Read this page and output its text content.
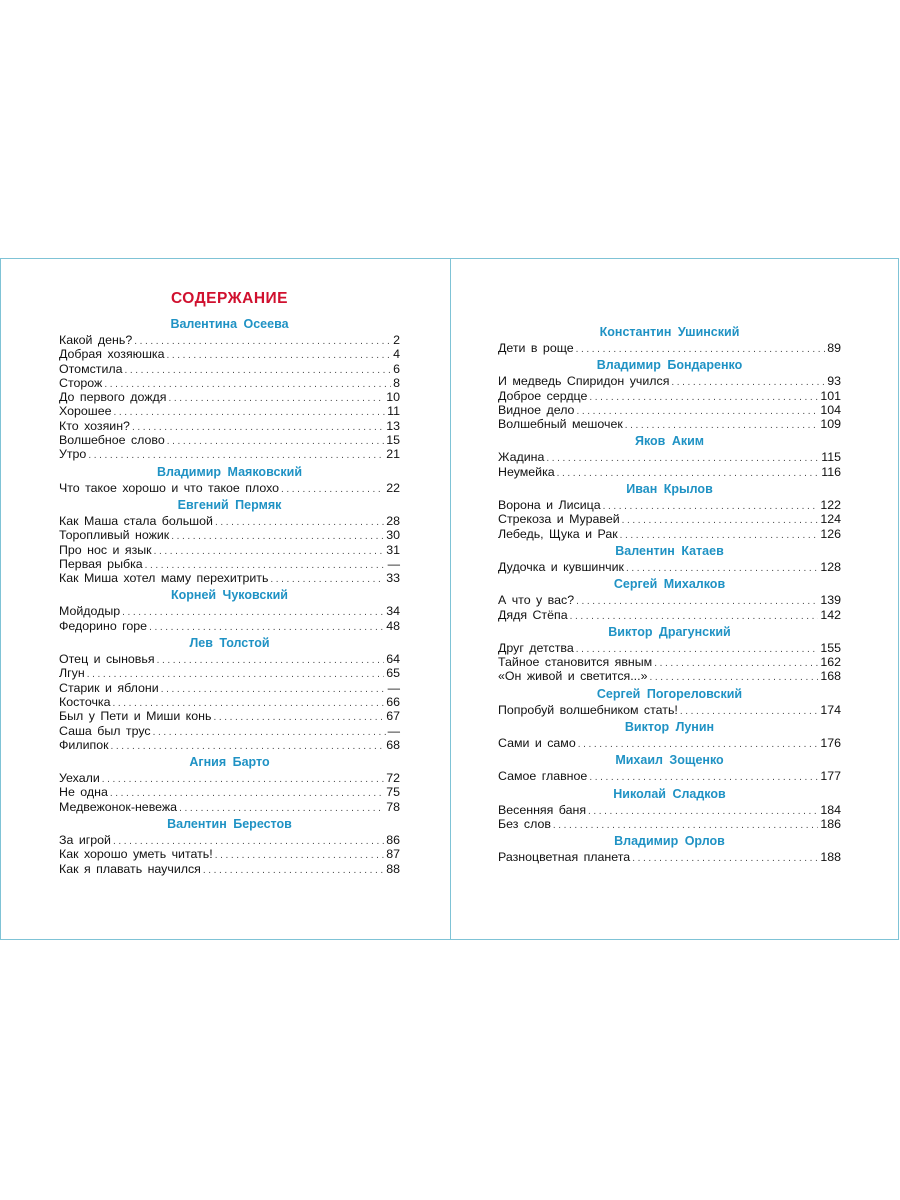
СОДЕРЖАНИЕ
Валентина Осеева
Какой день? .....	2
Добрая хозяюшка .....	4
Отомстила .....	6
Сторож .....	8
До первого дождя .....	10
Хорошее .....	11
Кто хозяин? .....	13
Волшебное слово .....	15
Утро .....	21
Владимир Маяковский
Что такое хорошо и что такое плохо .....	22
Евгений Пермяк
Как Маша стала большой .....	28
Торопливый ножик .....	30
Про нос и язык .....	31
Первая рыбка .....	—
Как Миша хотел маму перехитрить .....	33
Корней Чуковский
Мойдодыр .....	34
Федорино горе .....	48
Лев Толстой
Отец и сыновья .....	64
Лгун .....	65
Старик и яблони .....	—
Косточка .....	66
Был у Пети и Миши конь .....	67
Саша был трус .....	—
Филипок .....	68
Агния Барто
Уехали .....	72
Не одна .....	75
Медвежонок-невежа .....	78
Валентин Берестов
За игрой .....	86
Как хорошо уметь читать! .....	87
Как я плавать научился .....	88
Константин Ушинский
Дети в роще .....	89
Владимир Бондаренко
И медведь Спиридон учился .....	93
Доброе сердце .....	101
Видное дело .....	104
Волшебный мешочек .....	109
Яков Аким
Жадина .....	115
Неумейка .....	116
Иван Крылов
Ворона и Лисица .....	122
Стрекоза и Муравей .....	124
Лебедь, Щука и Рак .....	126
Валентин Катаев
Дудочка и кувшинчик .....	128
Сергей Михалков
А что у вас? .....	139
Дядя Стёпа .....	142
Виктор Драгунский
Друг детства .....	155
Тайное становится явным .....	162
«Он живой и светится...» .....	168
Сергей Погореловский
Попробуй волшебником стать! .....	174
Виктор Лунин
Сами и само .....	176
Михаил Зощенко
Самое главное .....	177
Николай Сладков
Весенняя баня .....	184
Без слов .....	186
Владимир Орлов
Разноцветная планета .....	188
